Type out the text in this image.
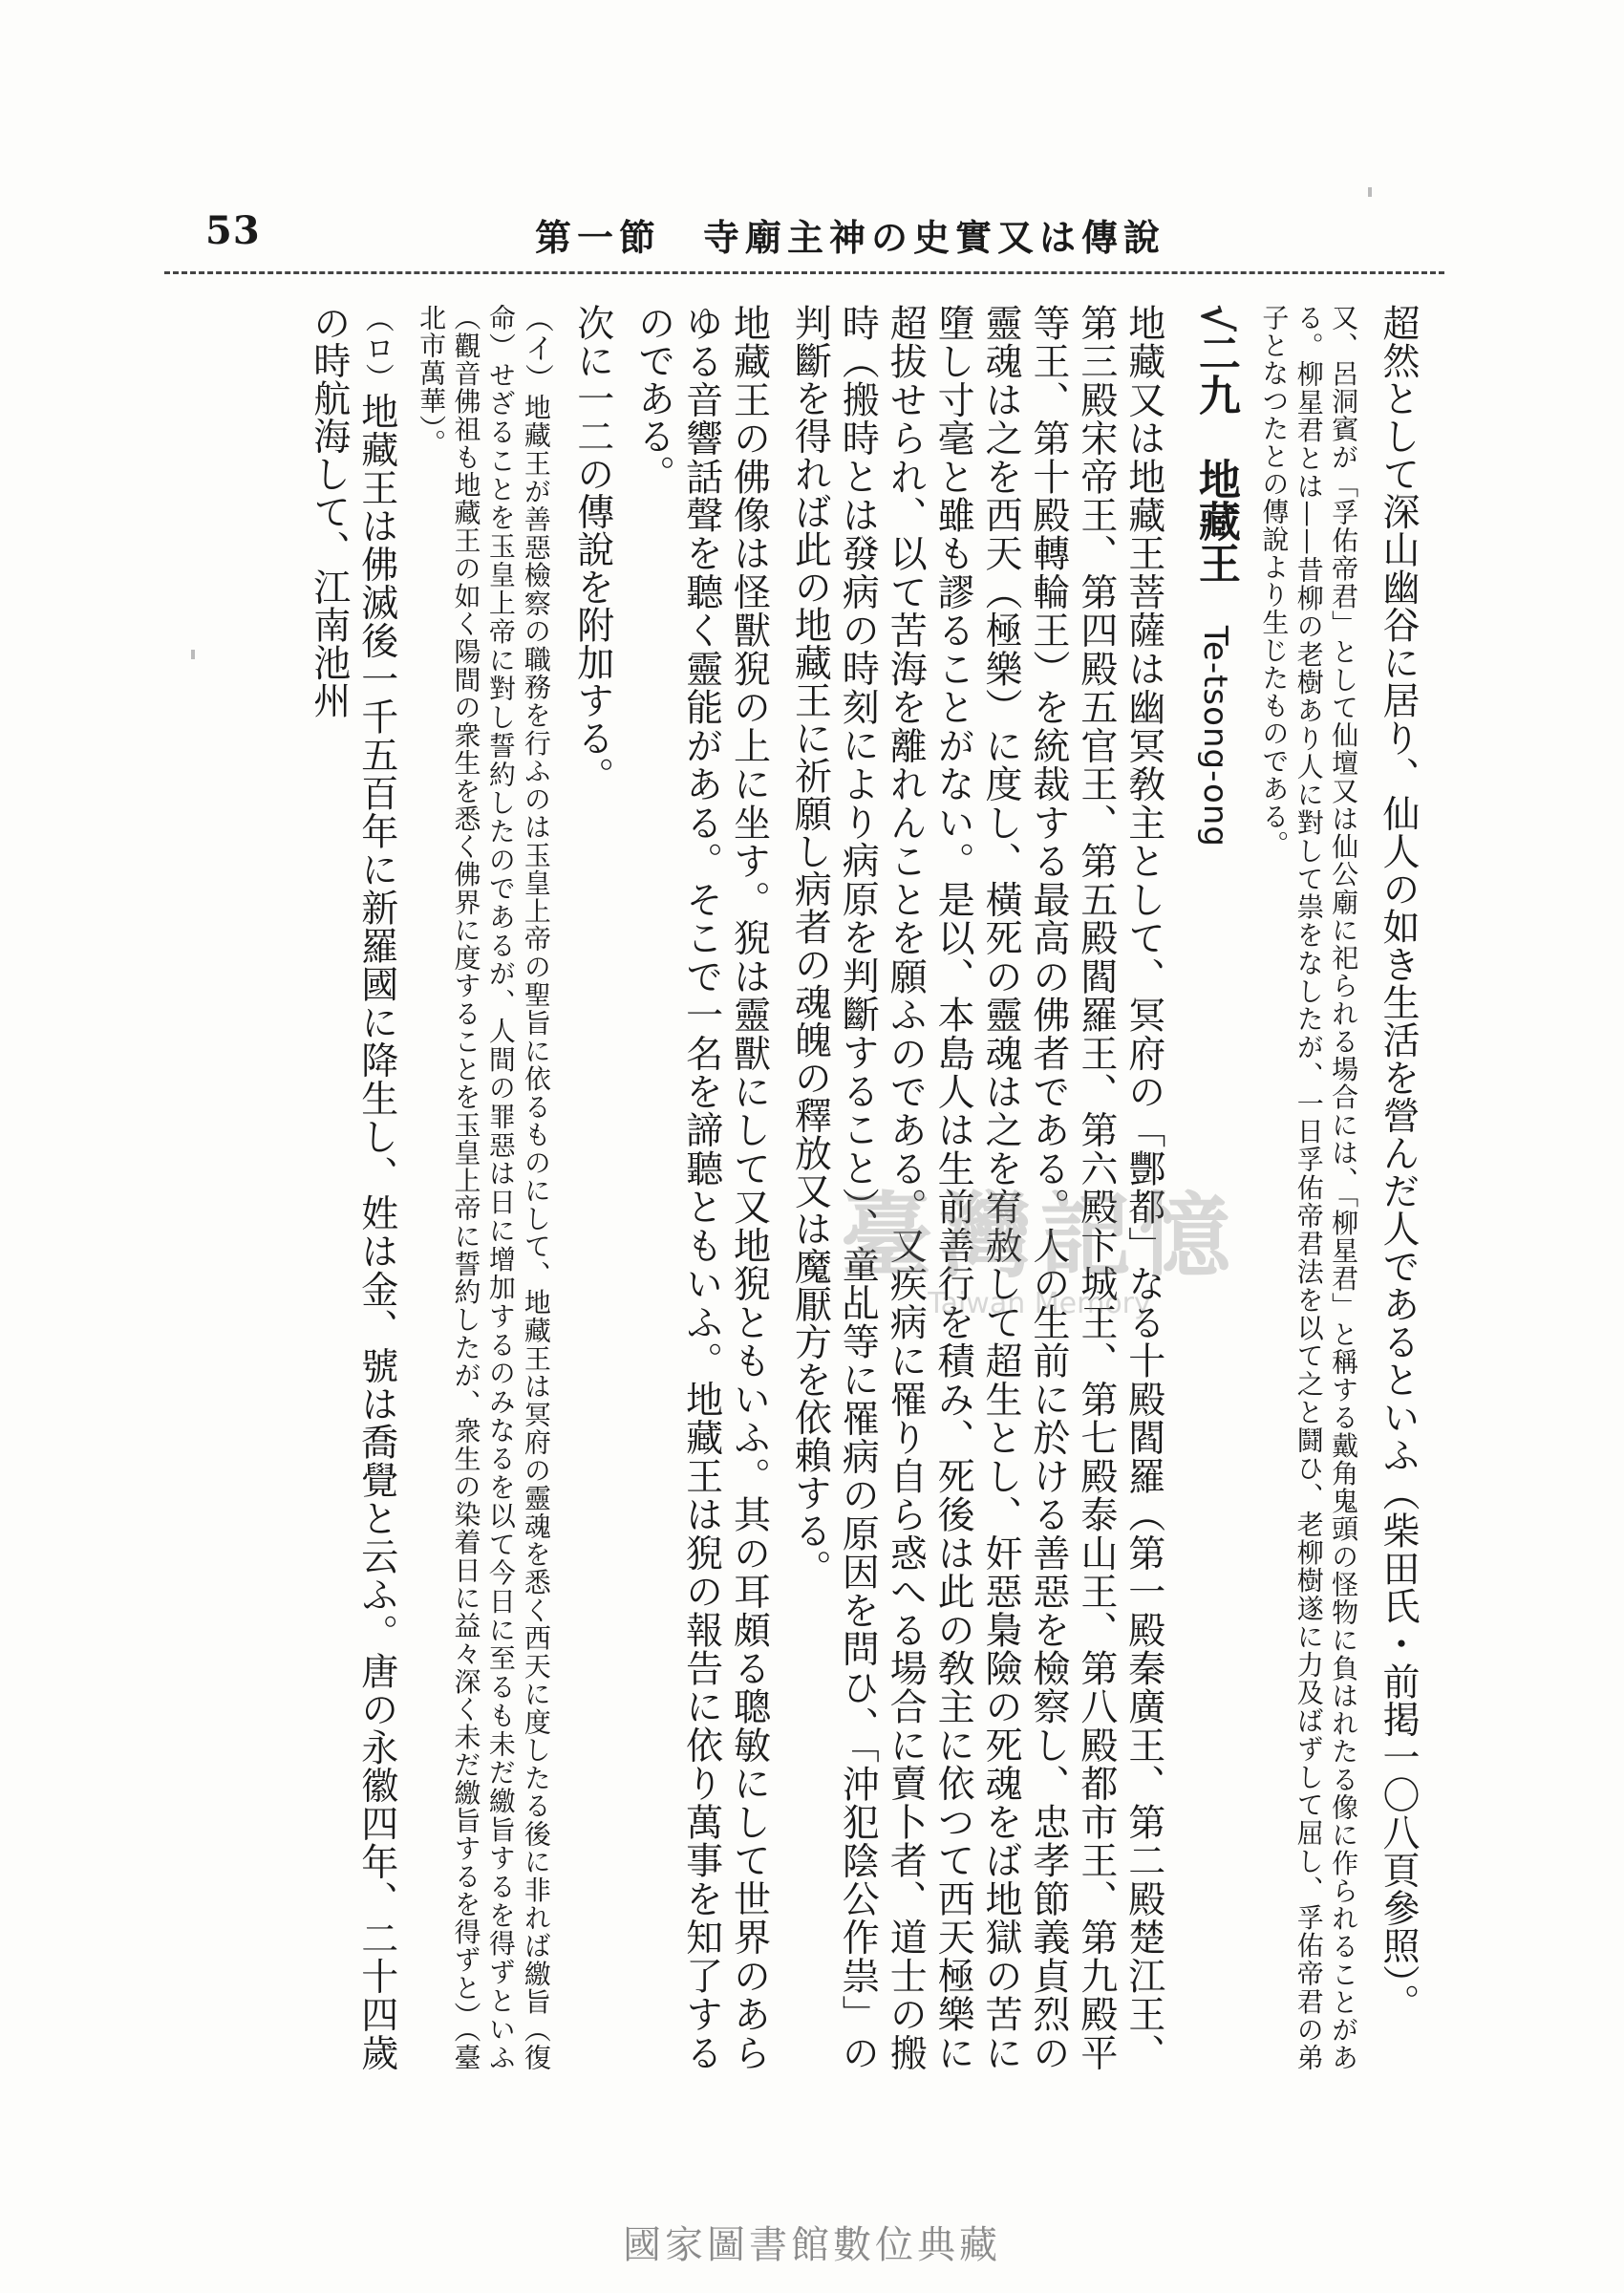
53	第一節　寺廟主神の史實又は傳說

超然として深山幽谷に居り、仙人の如き生活を營んだ人であるといふ（柴田氏・前掲一〇八頁參照）。

又、呂洞賓が「孚佑帝君」として仙壇又は仙公廟に祀られる場合には、「柳星君」と稱する戴角鬼頭の怪物に負はれたる像に作られることがある。柳星君とは——昔柳の老樹あり人に對して祟をなしたが、一日孚佑帝君法を以て之と鬪ひ、老柳樹遂に力及ばずして屈し、孚佑帝君の弟子となつたとの傳說より生じたものである。

√二九　地藏王　Te-tsong-ong

地藏又は地藏王菩薩は幽冥敎主として、冥府の「酆都」なる十殿閻羅（第一殿秦廣王、第二殿楚江王、第三殿宋帝王、第四殿五官王、第五殿閻羅王、第六殿卞城王、第七殿泰山王、第八殿都市王、第九殿平等王、第十殿轉輪王）を統裁する最高の佛者である。人の生前に於ける善惡を檢察し、忠孝節義貞烈の靈魂は之を西天（極樂）に度し、橫死の靈魂は之を宥赦して超生とし、奸惡梟險の死魂をば地獄の苦に墮し寸毫と雖も謬ることがない。是以、本島人は生前善行を積み、死後は此の敎主に依つて西天極樂に超拔せられ、以て苦海を離れんことを願ふのである。又疾病に罹り自ら惑へる場合に賣卜者、道士の搬時（搬時とは發病の時刻により病原を判斷すること）、童乩等に罹病の原因を問ひ、「沖犯陰公作祟」の判斷を得れば此の地藏王に祈願し病者の魂魄の釋放又は魔厭方を依賴する。

地藏王の佛像は怪獸猊の上に坐す。猊は靈獸にして又地猊ともいふ。其の耳頗る聰敏にして世界のあらゆる音響話聲を聽く靈能がある。そこで一名を諦聽ともいふ。地藏王は猊の報告に依り萬事を知了するのである。

次に一二の傳說を附加する。

（イ）地藏王が善惡檢察の職務を行ふのは玉皇上帝の聖旨に依るものにして、地藏王は冥府の靈魂を悉く西天に度したる後に非れば繳旨（復命）せざることを玉皇上帝に對し誓約したのであるが、人間の罪惡は日に增加するのみなるを以て今日に至るも未だ繳旨するを得ずといふ（觀音佛祖も地藏王の如く陽間の衆生を悉く佛界に度することを玉皇上帝に誓約したが、衆生の染着日に益々深く未だ繳旨するを得ずと）（臺北市萬華）。

（ロ）地藏王は佛滅後一千五百年に新羅國に降生し、姓は金、號は喬覺と云ふ。唐の永徽四年、二十四歲の時航海して、江南池州

臺灣記憶
Taiwan Memory
國家圖書館數位典藏
